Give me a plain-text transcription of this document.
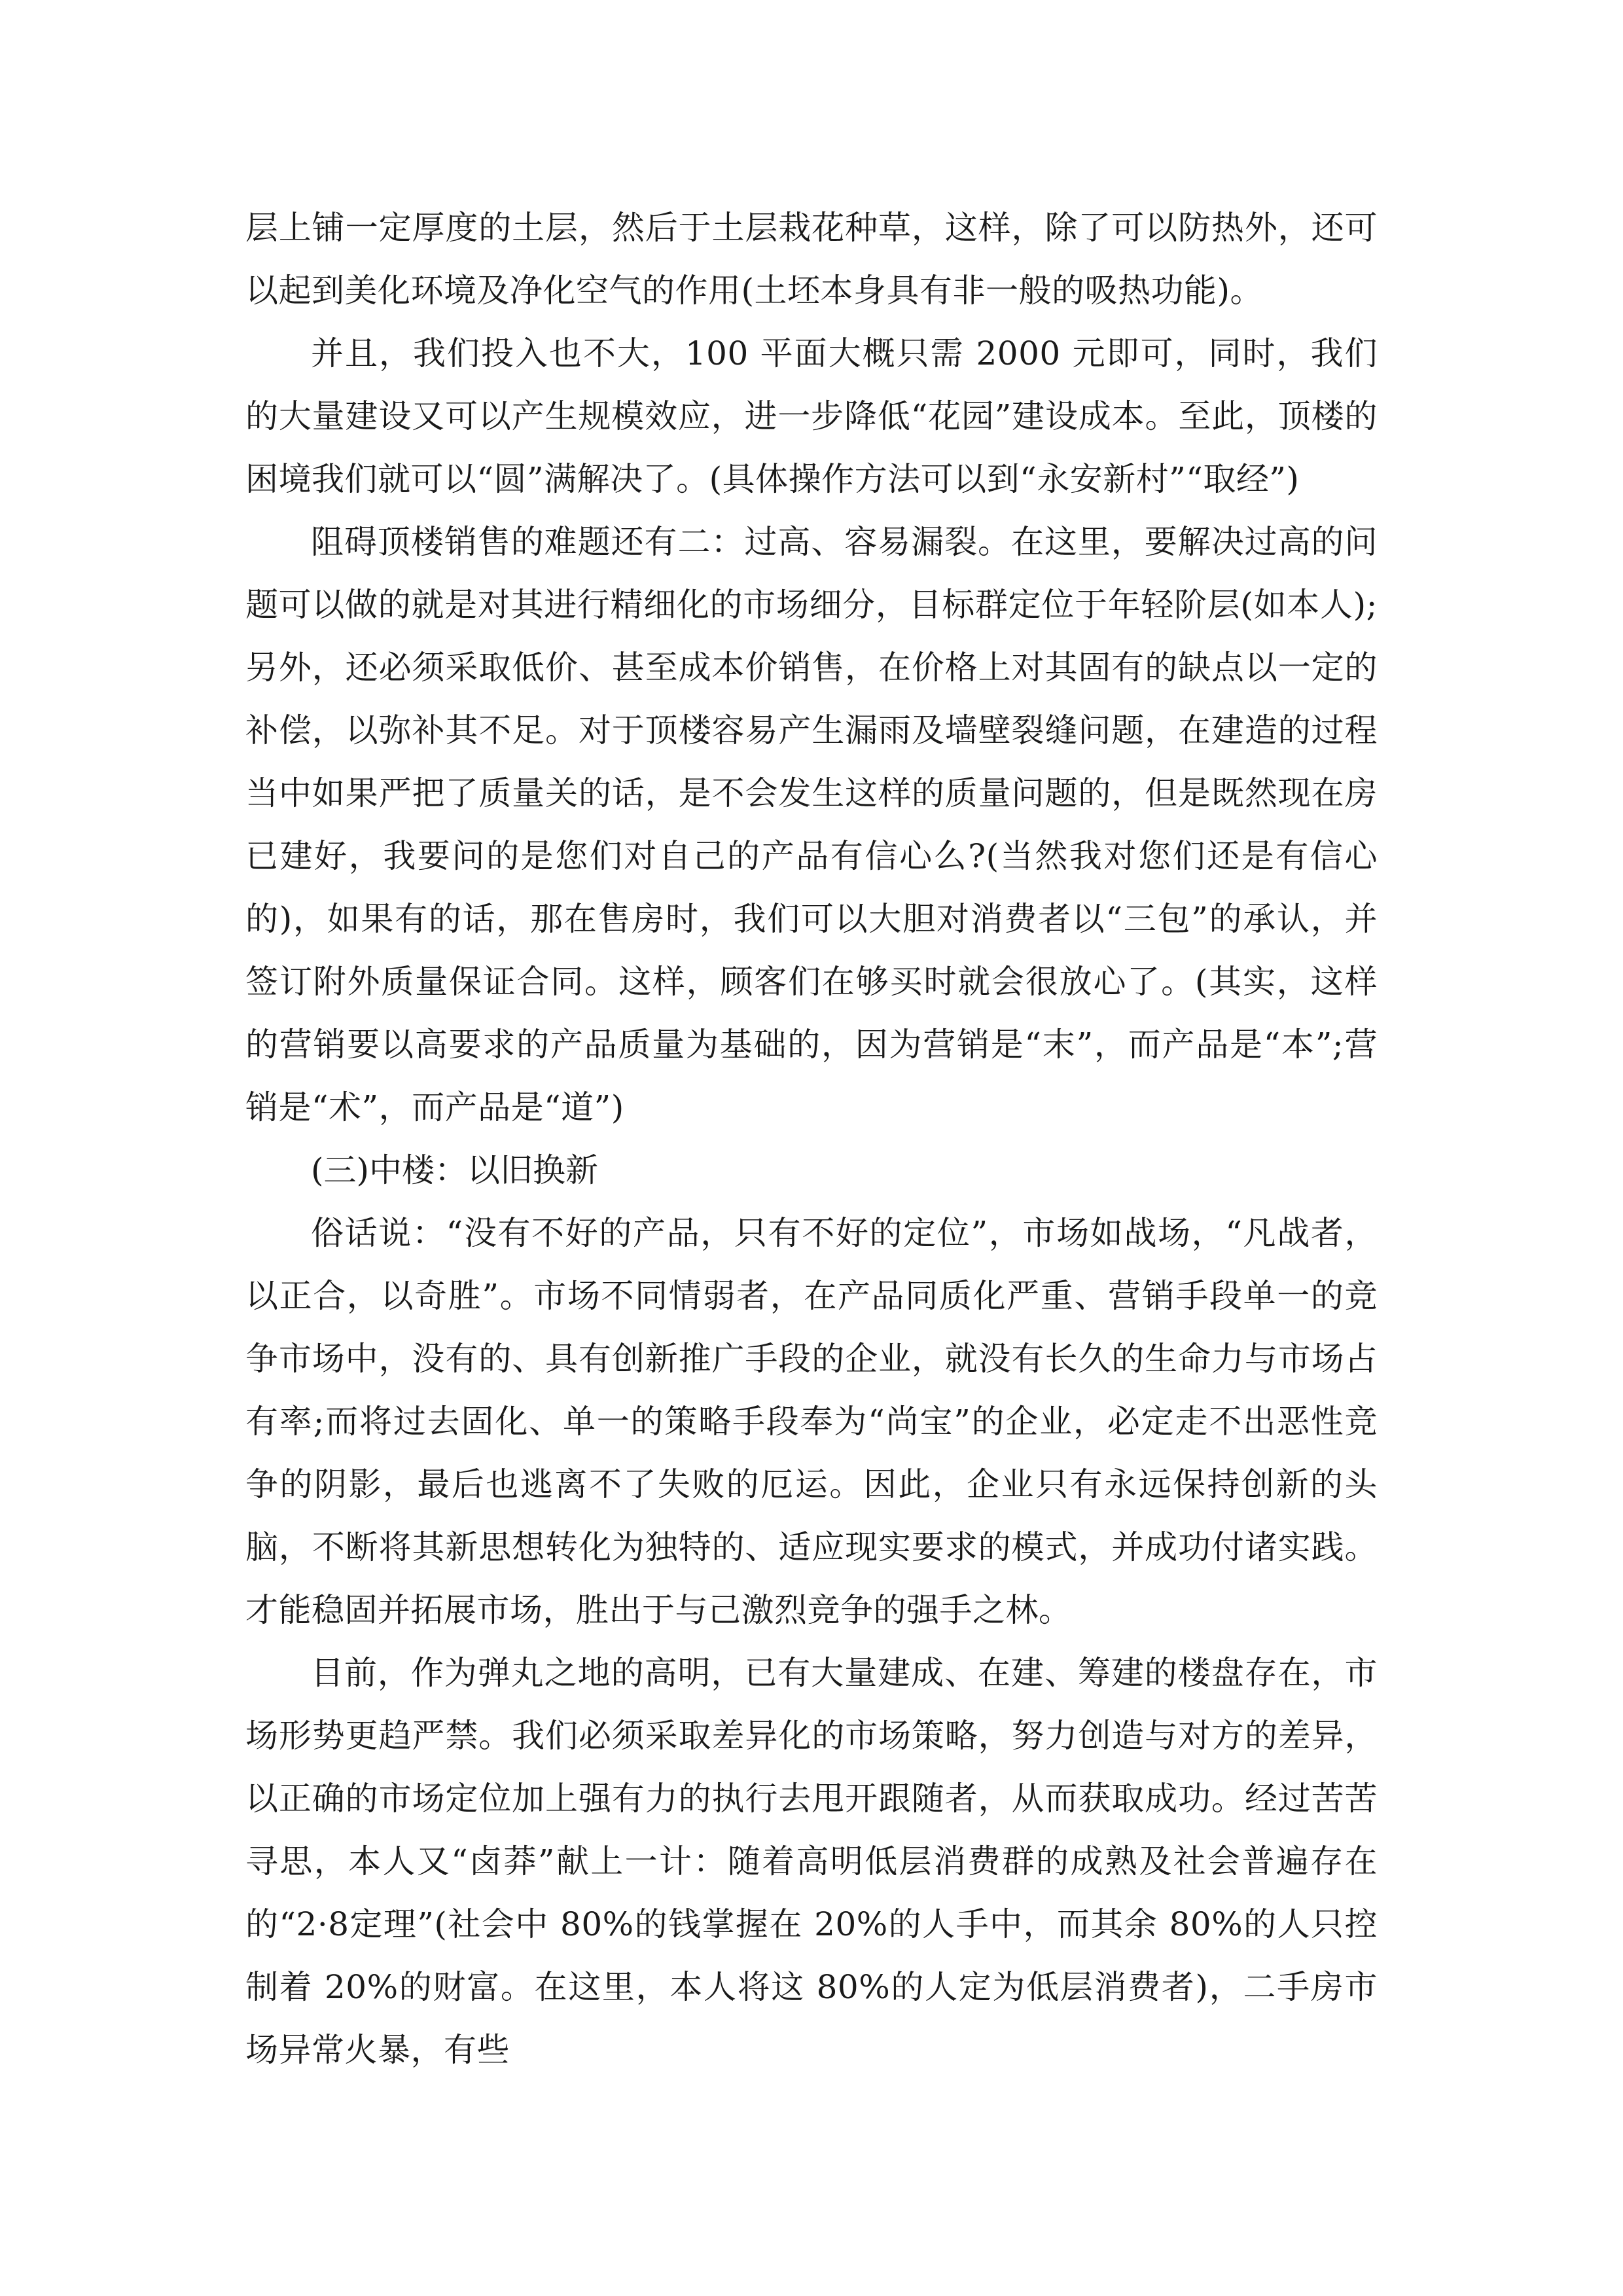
层上铺一定厚度的土层，然后于土层栽花种草，这样，除了可以防热外，还可以起到美化环境及净化空气的作用(土坯本身具有非一般的吸热功能)。

并且，我们投入也不大，100 平面大概只需 2000 元即可，同时，我们的大量建设又可以产生规模效应，进一步降低“花园”建设成本。至此，顶楼的困境我们就可以“圆”满解决了。(具体操作方法可以到“永安新村”“取经”)

阻碍顶楼销售的难题还有二：过高、容易漏裂。在这里，要解决过高的问题可以做的就是对其进行精细化的市场细分，目标群定位于年轻阶层(如本人);另外，还必须采取低价、甚至成本价销售，在价格上对其固有的缺点以一定的补偿，以弥补其不足。对于顶楼容易产生漏雨及墙壁裂缝问题，在建造的过程当中如果严把了质量关的话，是不会发生这样的质量问题的，但是既然现在房已建好，我要问的是您们对自己的产品有信心么?(当然我对您们还是有信心的)，如果有的话，那在售房时，我们可以大胆对消费者以“三包”的承认，并签订附外质量保证合同。这样，顾客们在够买时就会很放心了。(其实，这样的营销要以高要求的产品质量为基础的，因为营销是“末”，而产品是“本”;营销是“术”，而产品是“道”)

(三)中楼：以旧换新

俗话说：“没有不好的产品，只有不好的定位”，市场如战场，“凡战者，以正合，以奇胜”。市场不同情弱者，在产品同质化严重、营销手段单一的竞争市场中，没有的、具有创新推广手段的企业，就没有长久的生命力与市场占有率;而将过去固化、单一的策略手段奉为“尚宝”的企业，必定走不出恶性竞争的阴影，最后也逃离不了失败的厄运。因此，企业只有永远保持创新的头脑，不断将其新思想转化为独特的、适应现实要求的模式，并成功付诸实践。才能稳固并拓展市场，胜出于与己激烈竞争的强手之林。

目前，作为弹丸之地的高明，已有大量建成、在建、筹建的楼盘存在，市场形势更趋严禁。我们必须采取差异化的市场策略，努力创造与对方的差异，以正确的市场定位加上强有力的执行去甩开跟随者，从而获取成功。经过苦苦寻思，本人又“卤莽”献上一计：随着高明低层消费群的成熟及社会普遍存在的“2·8定理”(社会中 80%的钱掌握在 20%的人手中，而其余 80%的人只控制着 20%的财富。在这里，本人将这 80%的人定为低层消费者)，二手房市场异常火暴，有些
